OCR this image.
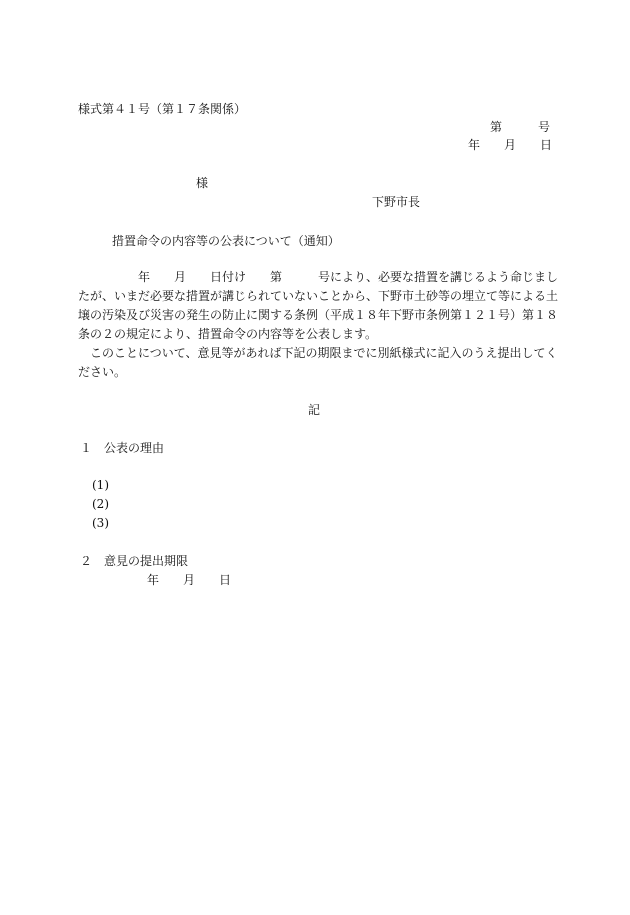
様式第４１号（第１７条関係）
第　　　号
年　　月　　日
様
下野市長
措置命令の内容等の公表について（通知）
　　　　　年　　月　　日付け　　第　　　号により、必要な措置を講じるよう命じまし
たが、いまだ必要な措置が講じられていないことから、下野市土砂等の埋立て等による土
壌の汚染及び災害の発生の防止に関する条例（平成１８年下野市条例第１２１号）第１８
条の２の規定により、措置命令の内容等を公表します。
　このことについて、意見等があれば下記の期限までに別紙様式に記入のうえ提出してく
ださい。
記
１　公表の理由
(1)
(2)
(3)
２　意見の提出期限
年　　月　　日
